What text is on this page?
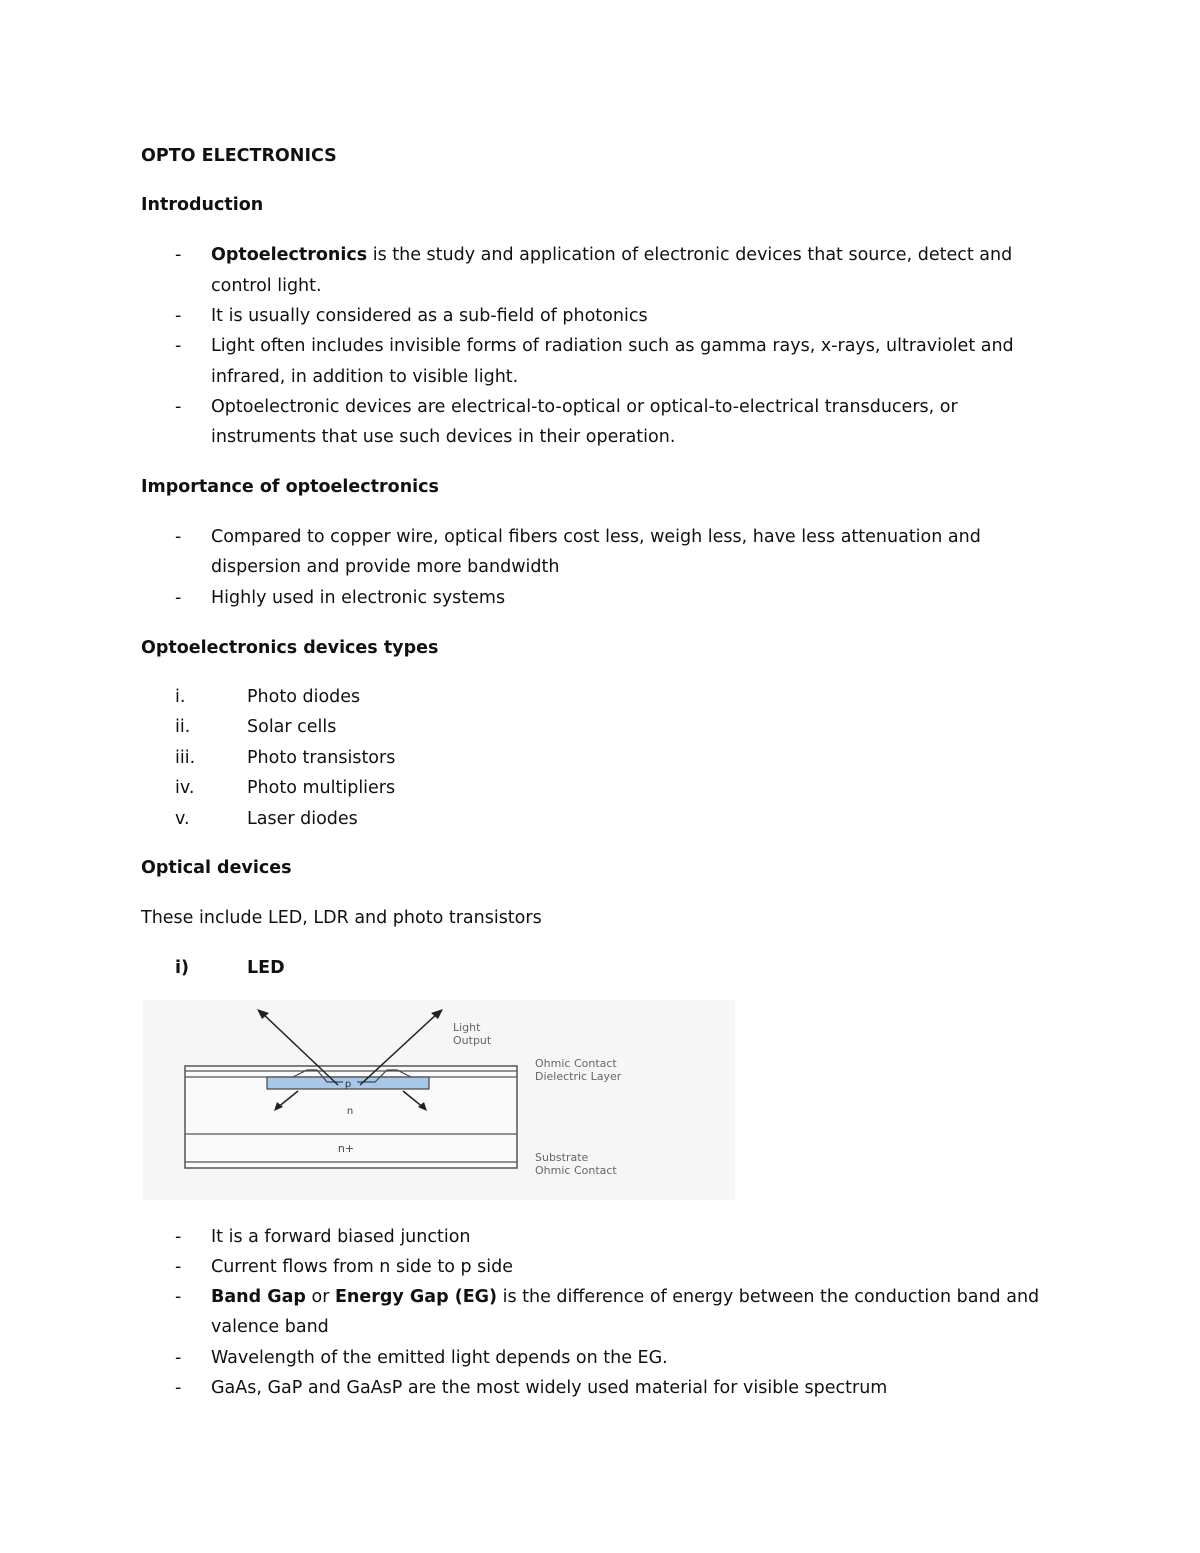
OPTO ELECTRONICS
Introduction
- Optoelectronics is the study and application of electronic devices that source, detect and
control light.
- It is usually considered as a sub-field of photonics
- Light often includes invisible forms of radiation such as gamma rays, x-rays, ultraviolet and
infrared, in addition to visible light.
- Optoelectronic devices are electrical-to-optical or optical-to-electrical transducers, or
instruments that use such devices in their operation.
Importance of optoelectronics
- Compared to copper wire, optical fibers cost less, weigh less, have less attenuation and
dispersion and provide more bandwidth
- Highly used in electronic systems
Optoelectronics devices types
i.	Photo diodes
ii.	Solar cells
iii.	Photo transistors
iv.	Photo multipliers
v.	Laser diodes
Optical devices
These include LED, LDR and photo transistors
i)	LED
p
n
n+
Light
Output
Ohmic Contact
Dielectric Layer
Substrate
Ohmic Contact
- It is a forward biased junction
- Current flows from n side to p side
- Band Gap or Energy Gap (EG) is the difference of energy between the conduction band and
valence band
- Wavelength of the emitted light depends on the EG.
- GaAs, GaP and GaAsP are the most widely used material for visible spectrum
